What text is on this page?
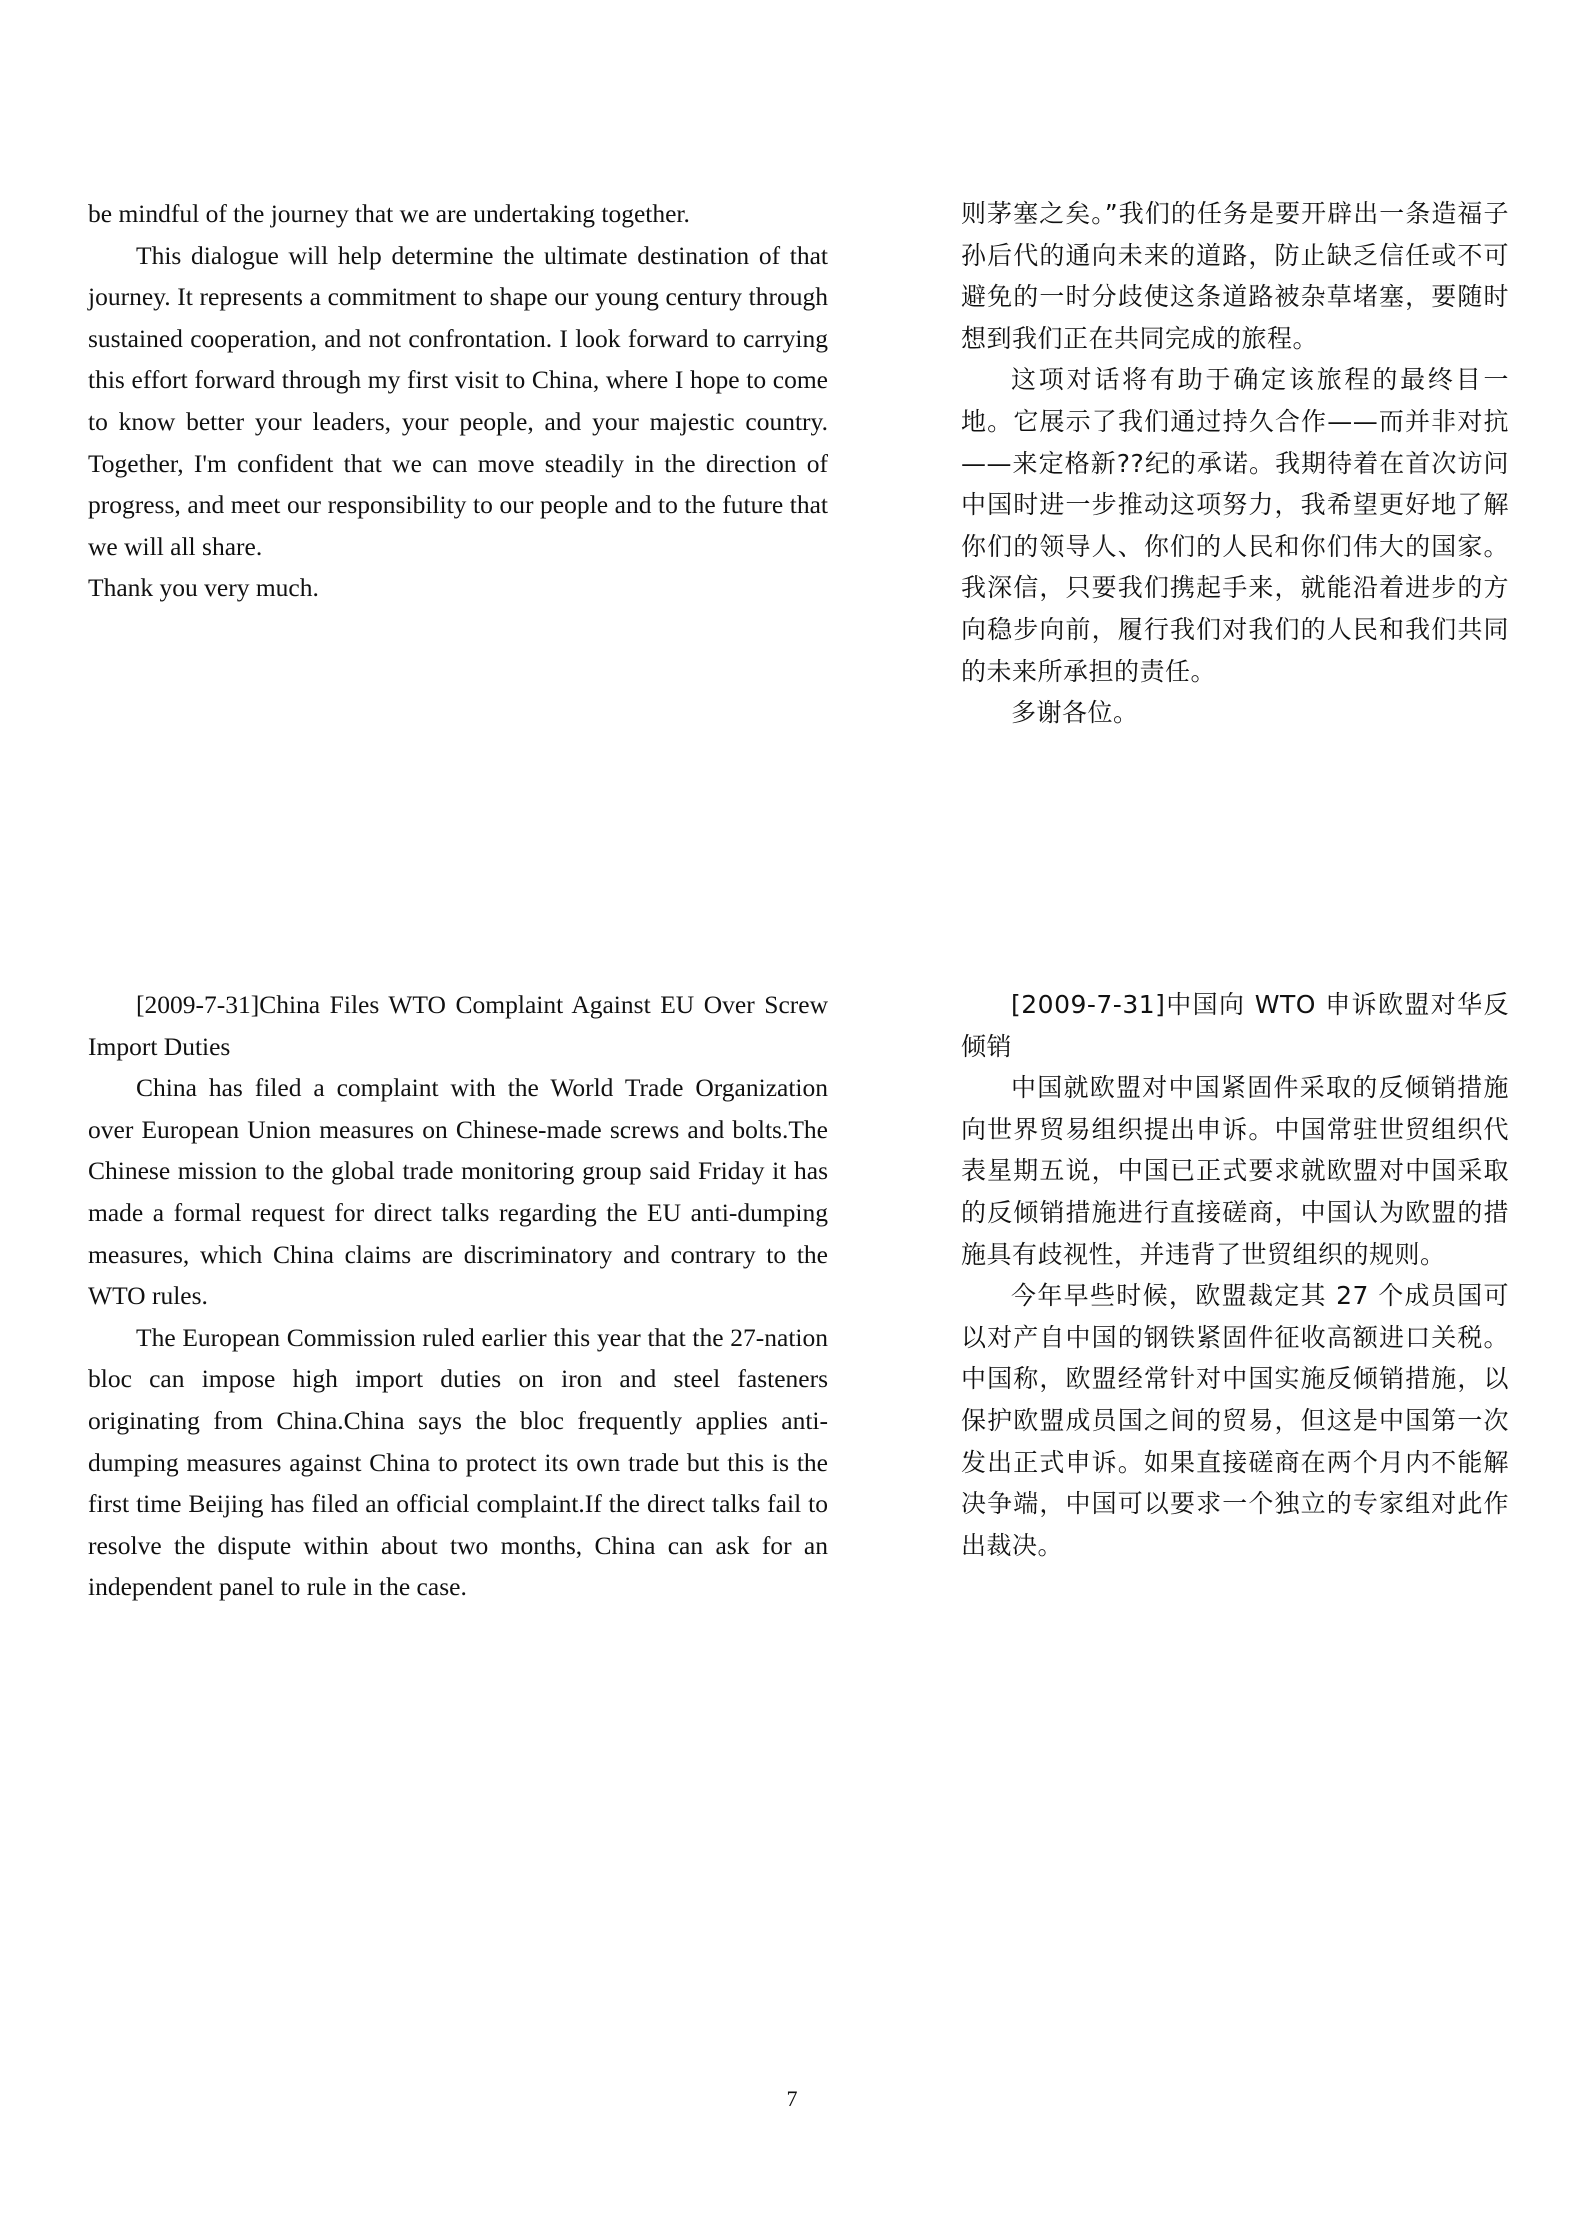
be mindful of the journey that we are undertaking together.

This dialogue will help determine the ultimate destination of that journey. It represents a commitment to shape our young century through sustained cooperation, and not confrontation. I look forward to carrying this effort forward through my first visit to China, where I hope to come to know better your leaders, your people, and your majestic country. Together, I'm confident that we can move steadily in the direction of progress, and meet our responsibility to our people and to the future that we will all share.

Thank you very much.

则茅塞之矣。”我们的任务是要开辟出一条造福子孙后代的通向未来的道路，防止缺乏信任或不可避免的一时分歧使这条道路被杂草堵塞，要随时想到我们正在共同完成的旅程。

这项对话将有助于确定该旅程的最终目一地。它展示了我们通过持久合作——而并非对抗——来定格新??纪的承诺。我期待着在首次访问中国时进一步推动这项努力，我希望更好地了解你们的领导人、你们的人民和你们伟大的国家。我深信，只要我们携起手来，就能沿着进步的方向稳步向前，履行我们对我们的人民和我们共同的未来所承担的责任。

多谢各位。

[2009-7-31]China Files WTO Complaint Against EU Over Screw Import Duties

China has filed a complaint with the World Trade Organization over European Union measures on Chinese-made screws and bolts.The Chinese mission to the global trade monitoring group said Friday it has made a formal request for direct talks regarding the EU anti-dumping measures, which China claims are discriminatory and contrary to the WTO rules.

The European Commission ruled earlier this year that the 27-nation bloc can impose high import duties on iron and steel fasteners originating from China.China says the bloc frequently applies anti-dumping measures against China to protect its own trade but this is the first time Beijing has filed an official complaint.If the direct talks fail to resolve the dispute within about two months, China can ask for an independent panel to rule in the case.

[2009-7-31]中国向 WTO 申诉欧盟对华反倾销

中国就欧盟对中国紧固件采取的反倾销措施向世界贸易组织提出申诉。中国常驻世贸组织代表星期五说，中国已正式要求就欧盟对中国采取的反倾销措施进行直接磋商，中国认为欧盟的措施具有歧视性，并违背了世贸组织的规则。

今年早些时候，欧盟裁定其 27 个成员国可以对产自中国的钢铁紧固件征收高额进口关税。中国称，欧盟经常针对中国实施反倾销措施，以保护欧盟成员国之间的贸易，但这是中国第一次发出正式申诉。如果直接磋商在两个月内不能解决争端，中国可以要求一个独立的专家组对此作出裁决。

7
